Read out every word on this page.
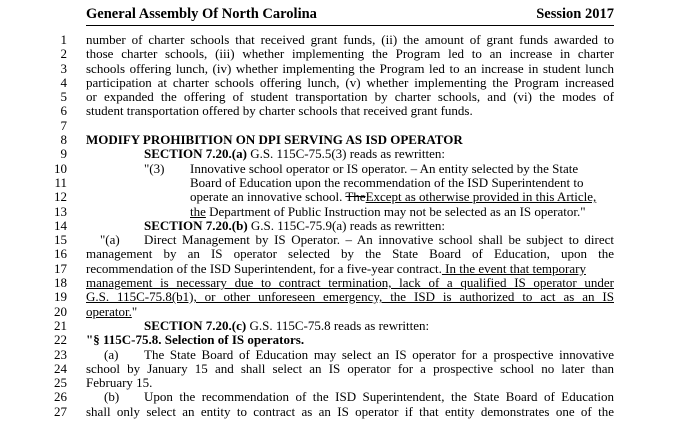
General Assembly Of North Carolina	Session 2017
1 number of charter schools that received grant funds, (ii) the amount of grant funds awarded to
2 those charter schools, (iii) whether implementing the Program led to an increase in charter
3 schools offering lunch, (iv) whether implementing the Program led to an increase in student lunch
4 participation at charter schools offering lunch, (v) whether implementing the Program increased
5 or expanded the offering of student transportation by charter schools, and (vi) the modes of
6 student transportation offered by charter schools that received grant funds.
7
8 MODIFY PROHIBITION ON DPI SERVING AS ISD OPERATOR
9	SECTION 7.20.(a) G.S. 115C-75.5(3) reads as rewritten:
10	"(3) Innovative school operator or IS operator. – An entity selected by the State
11	Board of Education upon the recommendation of the ISD Superintendent to
12	operate an innovative school. TheExcept as otherwise provided in this Article,
13	the Department of Public Instruction may not be selected as an IS operator."
14	SECTION 7.20.(b) G.S. 115C-75.9(a) reads as rewritten:
15	"(a) Direct Management by IS Operator. – An innovative school shall be subject to direct
16 management by an IS operator selected by the State Board of Education, upon the
17 recommendation of the ISD Superintendent, for a five-year contract. In the event that temporary
18 management is necessary due to contract termination, lack of a qualified IS operator under
19 G.S. 115C-75.8(b1), or other unforeseen emergency, the ISD is authorized to act as an IS
20 operator."
21	SECTION 7.20.(c) G.S. 115C-75.8 reads as rewritten:
22 "§ 115C-75.8. Selection of IS operators.
23	(a) The State Board of Education may select an IS operator for a prospective innovative
24 school by January 15 and shall select an IS operator for a prospective school no later than
25 February 15.
26	(b) Upon the recommendation of the ISD Superintendent, the State Board of Education
27 shall only select an entity to contract as an IS operator if that entity demonstrates one of the
